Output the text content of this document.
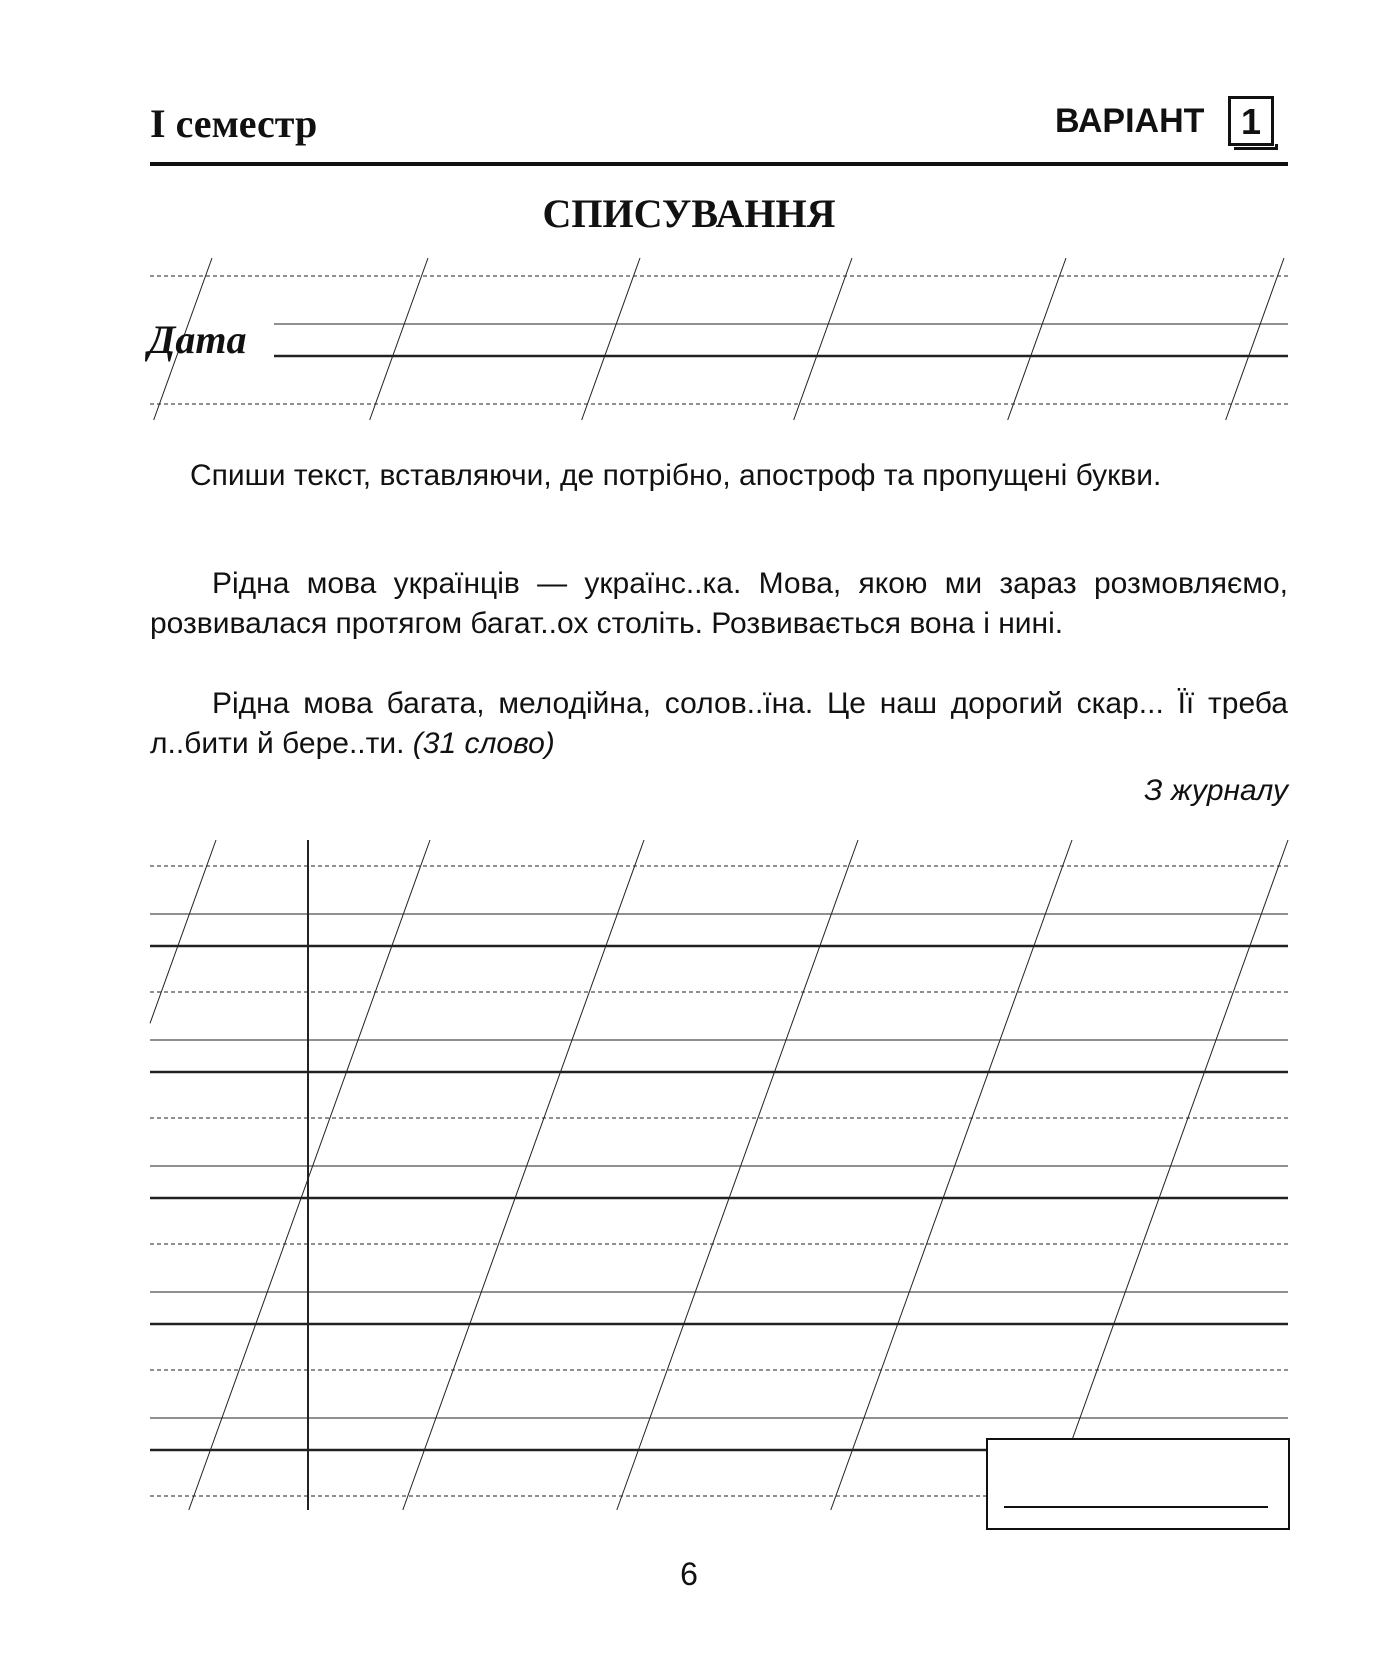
I семестр	ВАРІАНТ	1
СПИСУВАННЯ
Дата
Спиши текст, вставляючи, де потрібно, апостроф та пропущені букви.
Рідна мова українців — українс..ка. Мова, якою ми зараз розмовляємо, розвивалася протягом багат..ох століть. Розвивається вона і нині.
Рідна мова багата, мелодійна, солов..їна. Це наш дорогий скар... Її треба л..бити й бере..ти. (31 слово)
З журналу
6
